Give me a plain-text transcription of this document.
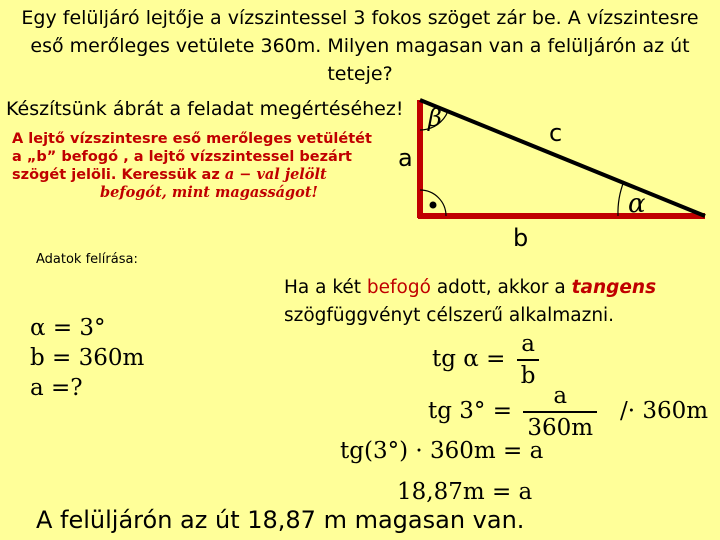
Egy felüljáró lejtője a vízszintessel 3 fokos szöget zár be. A vízszintesre
eső merőleges vetülete 360m. Milyen magasan van a felüljárón az út
teteje?
Készítsünk ábrát a feladat megértéséhez!
A lejtő vízszintesre eső merőleges vetülétét
a „b” befogó , a lejtő vízszintessel bezárt
szögét jelöli. Keressük az a − val jelölt
befogót, mint magasságot!
a
b
c
α
β
Adatok felírása:
α = 3°
b = 360m
a =?
Ha a két befogó adott, akkor a tangens
szögfüggvényt célszerű alkalmazni.
tg $\alpha = \frac{a}{b}$
tg $3^\circ = \frac{a}{360m} /\cdot 360m$
tg(3°) · 360m = a
18,87m = a
A felüljárón az út 18,87 m magasan van.
